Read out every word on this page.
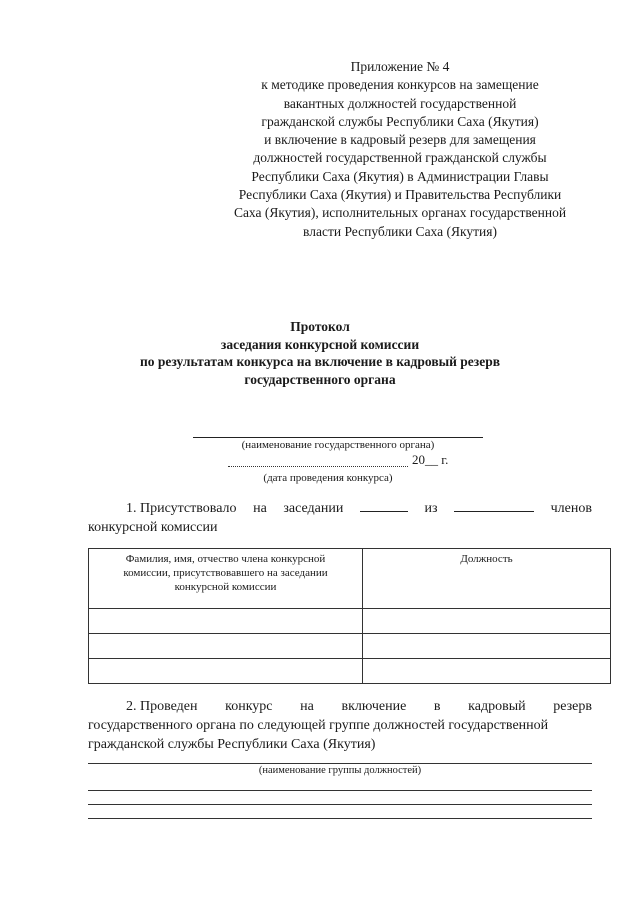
Приложение № 4
к методике проведения конкурсов на замещение
вакантных должностей государственной
гражданской службы Республики Саха (Якутия)
и включение в кадровый резерв для замещения
должностей государственной гражданской службы
Республики Саха (Якутия) в Администрации Главы
Республики Саха (Якутия) и Правительства Республики
Саха (Якутия), исполнительных органах государственной
власти Республики Саха (Якутия)
Протокол
заседания конкурсной комиссии
по результатам конкурса на включение в кадровый резерв
государственного органа
(наименование государственного органа)
20__ г.
(дата проведения конкурса)
1. Присутствовало на заседании	из	членов
конкурсной комиссии
Фамилия, имя, отчество члена конкурсной комиссии, присутствовавшего на заседании конкурсной комиссии	Должность

2. Проведен конкурс на включение в кадровый резерв
государственного органа по следующей группе должностей государственной
гражданской службы Республики Саха (Якутия)
(наименование группы должностей)
